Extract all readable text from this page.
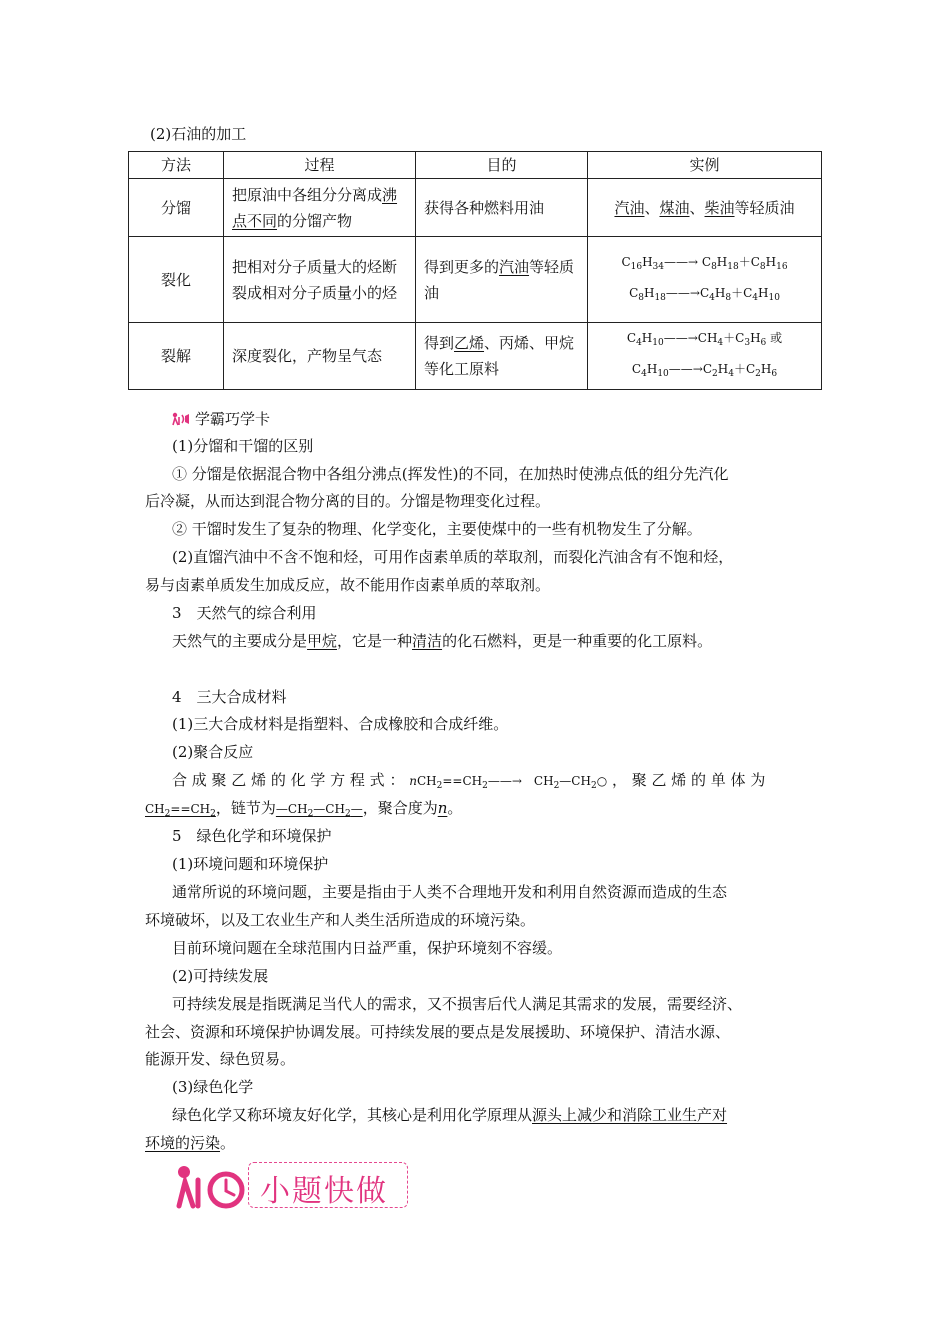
(2)石油的加工
方法	过程	目的	实例
分馏	把原油中各组分分离成沸点不同的分馏产物	获得各种燃料用油	汽油、煤油、柴油等轻质油
裂化	把相对分子质量大的烃断裂成相对分子质量小的烃	得到更多的汽油等轻质油	$C_{16}H_{34}——\to C_8H_{18}+C_8H_{16}$
$C_8H_{18}——\to C_4H_8+C_4H_{10}$

裂解	深度裂化，产物呈气态	得到乙烯、丙烯、甲烷等化工原料	$C_4H_{10}——\to CH_4+C_3H_6$ 或
$C_4H_{10}——\to C_2H_4+C_2H_6$
学霸巧学卡
(1)分馏和干馏的区别
① 分馏是依据混合物中各组分沸点(挥发性)的不同，在加热时使沸点低的组分先汽化
后冷凝，从而达到混合物分离的目的。分馏是物理变化过程。
② 干馏时发生了复杂的物理、化学变化，主要使煤中的一些有机物发生了分解。
(2)直馏汽油中不含不饱和烃，可用作卤素单质的萃取剂，而裂化汽油含有不饱和烃，
易与卤素单质发生加成反应，故不能用作卤素单质的萃取剂。
3　天然气的综合利用
天然气的主要成分是甲烷，它是一种清洁的化石燃料，更是一种重要的化工原料。
4　三大合成材料
(1)三大合成材料是指塑料、合成橡胶和合成纤维。
(2)聚合反应
合 成 聚 乙 烯 的 化 学 方 程 式 ： $nCH_2==CH_2——\to$　$CH_2—CH_2○$ ， 聚 乙 烯 的 单 体 为
$CH_2==CH_2$，链节为$—CH_2—CH_2—$，聚合度为n。
5　绿色化学和环境保护
(1)环境问题和环境保护
通常所说的环境问题，主要是指由于人类不合理地开发和利用自然资源而造成的生态
环境破坏，以及工农业生产和人类生活所造成的环境污染。
目前环境问题在全球范围内日益严重，保护环境刻不容缓。
(2)可持续发展
可持续发展是指既满足当代人的需求，又不损害后代人满足其需求的发展，需要经济、
社会、资源和环境保护协调发展。可持续发展的要点是发展援助、环境保护、清洁水源、
能源开发、绿色贸易。
(3)绿色化学
绿色化学又称环境友好化学，其核心是利用化学原理从源头上减少和消除工业生产对
环境的污染。
小题快做
